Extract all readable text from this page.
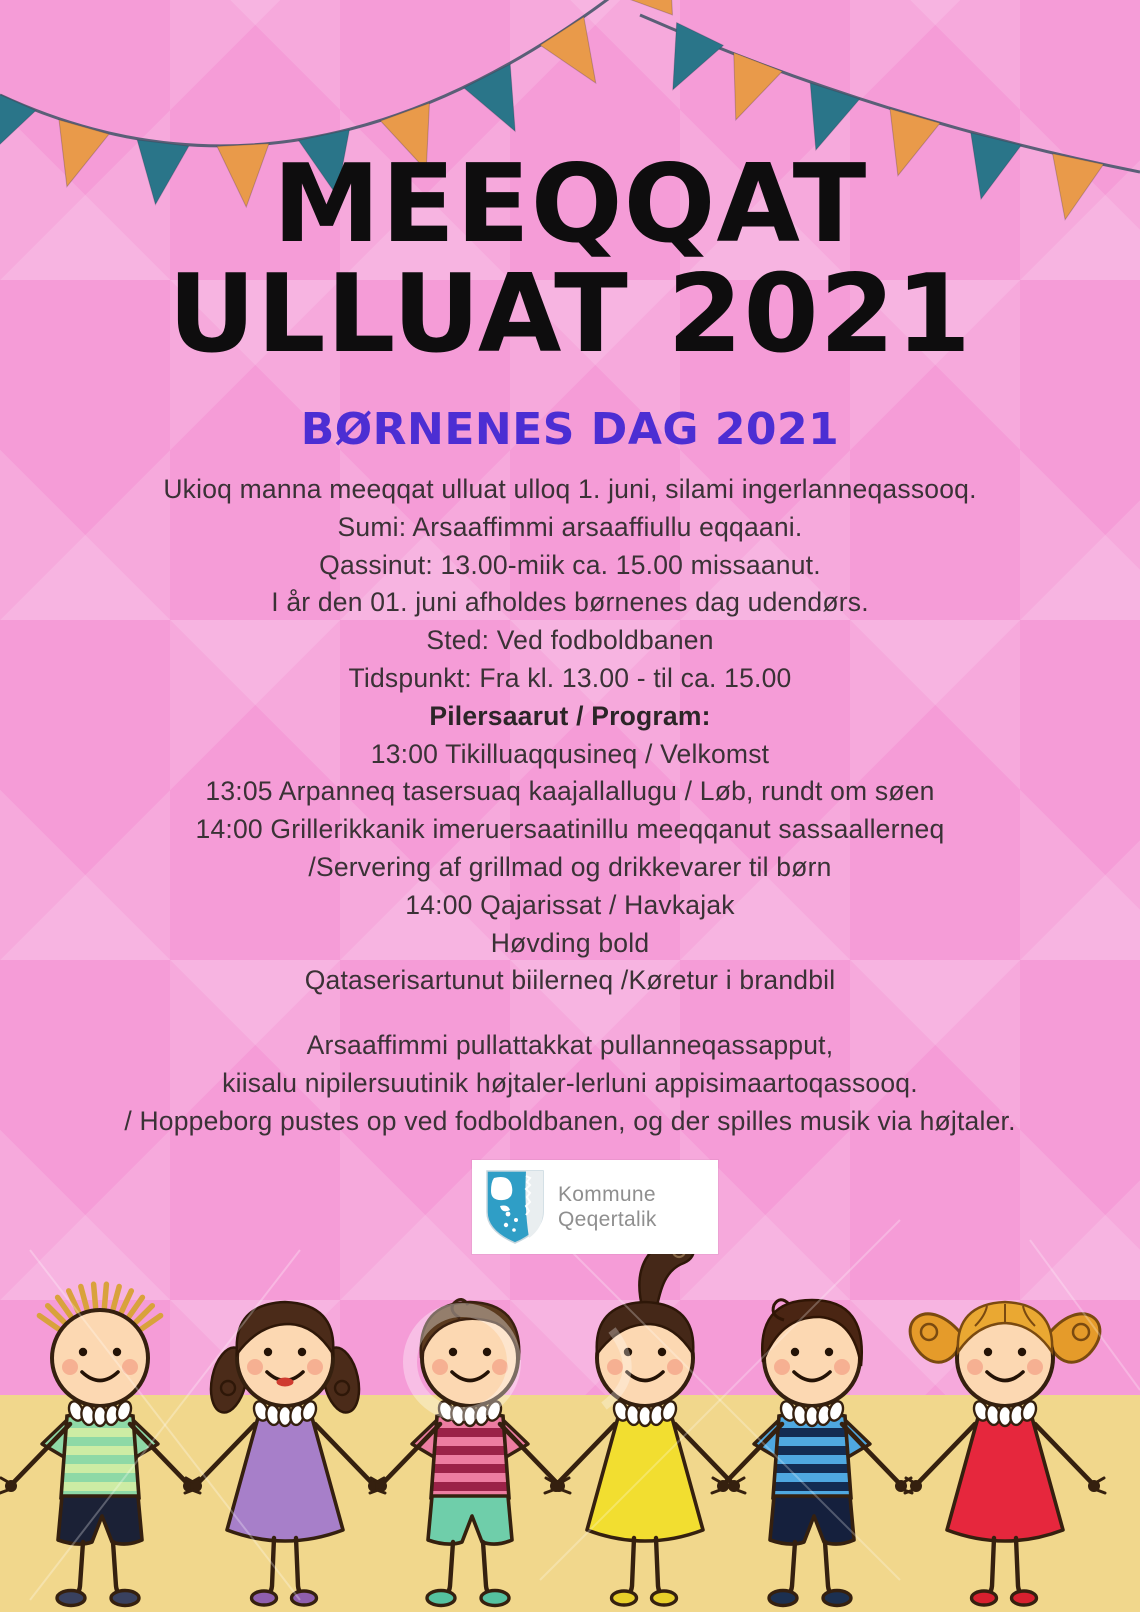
MEEQQAT
ULLUAT 2021
BØRNENES DAG 2021
Ukioq manna meeqqat ulluat ulloq 1. juni, silami ingerlanneqassooq.
Sumi: Arsaaffimmi arsaaffiullu eqqaani.
Qassinut: 13.00-miik ca. 15.00 missaanut.
I år den 01. juni afholdes børnenes dag udendørs.
Sted: Ved fodboldbanen
Tidspunkt: Fra kl. 13.00 - til ca. 15.00
Pilersaarut / Program:
13:00 Tikilluaqqusineq / Velkomst
13:05 Arpanneq tasersuaq kaajallallugu / Løb, rundt om søen
14:00 Grillerikkanik imeruersaatinillu meeqqanut sassaallerneq
/Servering af grillmad og drikkevarer til børn
14:00 Qajarissat / Havkajak
Høvding bold
Qataserisartunut biilerneq /Køretur i brandbil
Arsaaffimmi pullattakkat pullanneqassapput,
kiisalu nipilersuutinik højtaler-lerluni appisimaartoqassooq.
/ Hoppeborg pustes op ved fodboldbanen, og der spilles musik via højtaler.
Kommune
Qeqertalik
